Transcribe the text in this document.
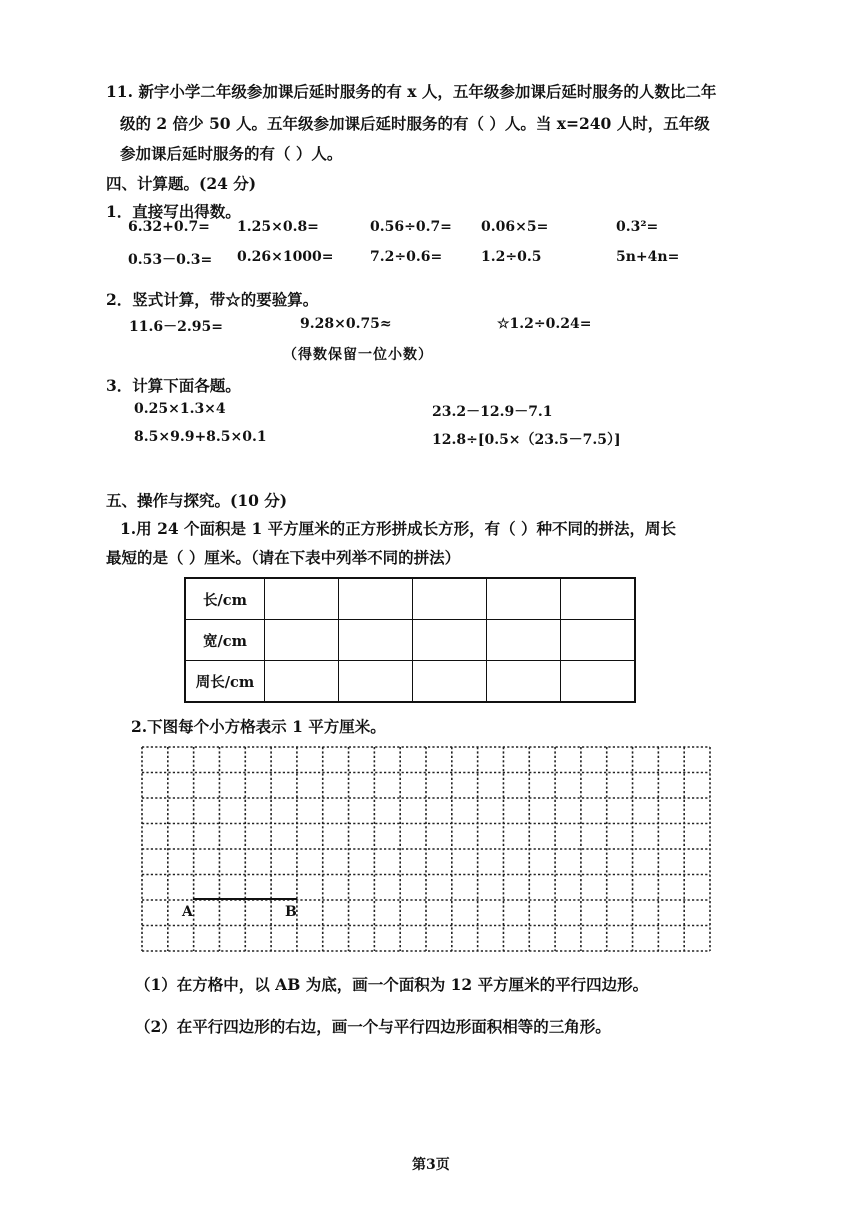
11. 新宇小学二年级参加课后延时服务的有 x 人，五年级参加课后延时服务的人数比二年
级的 2 倍少 50 人。五年级参加课后延时服务的有（ ）人。当 x=240 人时，五年级
参加课后延时服务的有（ ）人。
四、计算题。(24 分)
1．直接写出得数。
6.32+0.7= 1.25×0.8=	0.56÷0.7= 0.06×5=	0.3²=
0.53－0.3= 0.26×1000=	7.2÷0.6=	1.2÷0.5	5n+4n=
2．竖式计算，带☆的要验算。
11.6－2.95=	9.28×0.75≈	☆1.2÷0.24=
（得数保留一位小数）
3．计算下面各题。
0.25×1.3×4	23.2－12.9－7.1
8.5×9.9+8.5×0.1	12.8÷[0.5×（23.5－7.5）]
五、操作与探究。(10 分)
1.用 24 个面积是 1 平方厘米的正方形拼成长方形，有（ ）种不同的拼法，周长
最短的是（ ）厘米。（请在下表中列举不同的拼法）
长/cm					
宽/cm					
周长/cm					
2.下图每个小方格表示 1 平方厘米。
A	B
（1）在方格中，以 AB 为底，画一个面积为 12 平方厘米的平行四边形。
（2）在平行四边形的右边，画一个与平行四边形面积相等的三角形。
第3页
